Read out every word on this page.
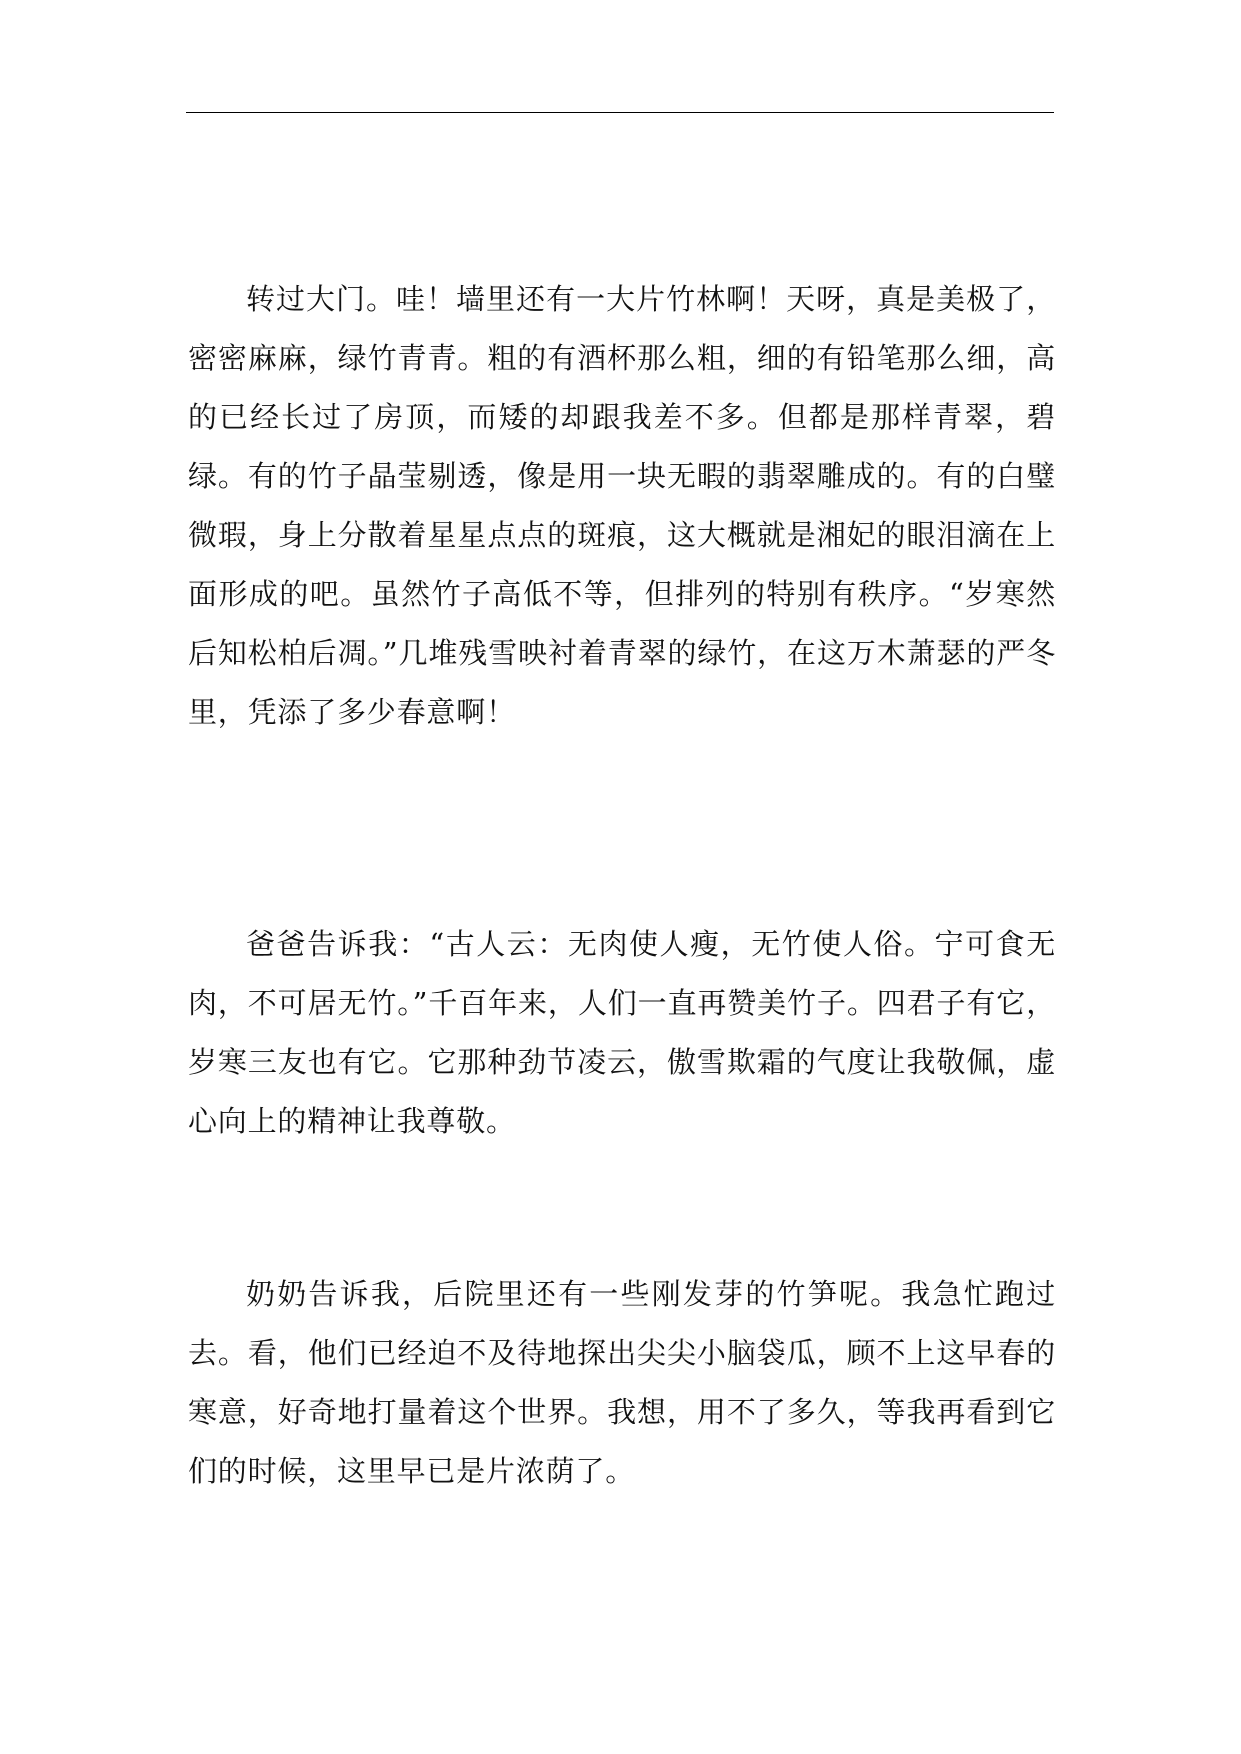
转过大门。哇！墙里还有一大片竹林啊！天呀，真是美极了，密密麻麻，绿竹青青。粗的有酒杯那么粗，细的有铅笔那么细，高的已经长过了房顶，而矮的却跟我差不多。但都是那样青翠，碧绿。有的竹子晶莹剔透，像是用一块无暇的翡翠雕成的。有的白璧微瑕，身上分散着星星点点的斑痕，这大概就是湘妃的眼泪滴在上面形成的吧。虽然竹子高低不等，但排列的特别有秩序。“岁寒然后知松柏后凋。”几堆残雪映衬着青翠的绿竹，在这万木萧瑟的严冬里，凭添了多少春意啊！

爸爸告诉我：“古人云：无肉使人瘦，无竹使人俗。宁可食无肉，不可居无竹。”千百年来，人们一直再赞美竹子。四君子有它，岁寒三友也有它。它那种劲节凌云，傲雪欺霜的气度让我敬佩，虚心向上的精神让我尊敬。

奶奶告诉我，后院里还有一些刚发芽的竹笋呢。我急忙跑过去。看，他们已经迫不及待地探出尖尖小脑袋瓜，顾不上这早春的寒意，好奇地打量着这个世界。我想，用不了多久，等我再看到它们的时候，这里早已是片浓荫了。
